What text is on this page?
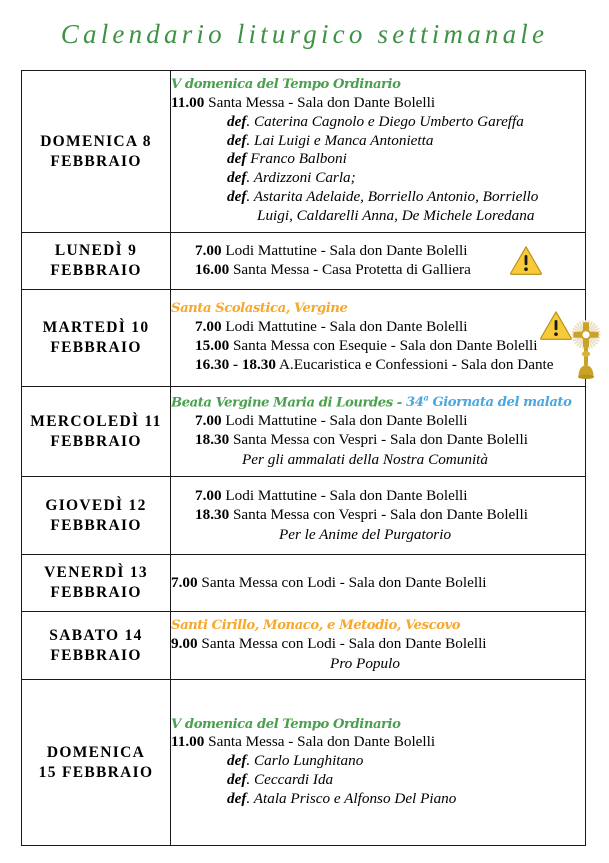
Calendario liturgico settimanale
DOMENICA 8
FEBBRAIO

V domenica del Tempo Ordinario
11.00 Santa Messa - Sala don Dante Bolelli
def. Caterina Cagnolo e Diego Umberto Gareffa
def. Lai Luigi e Manca Antonietta
def Franco Balboni
def. Ardizzoni Carla;
def. Astarita Adelaide, Borriello Antonio, Borriello
Luigi, Caldarelli Anna, De Michele Loredana

LUNEDÌ 9
FEBBRAIO

7.00 Lodi Mattutine - Sala don Dante Bolelli
16.00 Santa Messa - Casa Protetta di Galliera

MARTEDÌ 10
FEBBRAIO

Santa Scolastica, Vergine
7.00 Lodi Mattutine - Sala don Dante Bolelli
15.00 Santa Messa con Esequie - Sala don Dante Bolelli
16.30 - 18.30 A.Eucaristica e Confessioni - Sala don Dante

MERCOLEDÌ 11
FEBBRAIO

Beata Vergine Maria di Lourdes - 34$^a$ Giornata del malato
7.00 Lodi Mattutine - Sala don Dante Bolelli
18.30 Santa Messa con Vespri - Sala don Dante Bolelli
Per gli ammalati della Nostra Comunità

GIOVEDÌ 12
FEBBRAIO

7.00 Lodi Mattutine - Sala don Dante Bolelli
18.30 Santa Messa con Vespri - Sala don Dante Bolelli
Per le Anime del Purgatorio

VENERDÌ 13
FEBBRAIO	7.00 Santa Messa con Lodi - Sala don Dante Bolelli

SABATO 14
FEBBRAIO

Santi Cirillo, Monaco, e Metodio, Vescovo
9.00 Santa Messa con Lodi - Sala don Dante Bolelli
Pro Populo

DOMENICA
15 FEBBRAIO

V domenica del Tempo Ordinario
11.00 Santa Messa - Sala don Dante Bolelli
def. Carlo Lunghitano
def. Ceccardi Ida
def. Atala Prisco e Alfonso Del Piano
